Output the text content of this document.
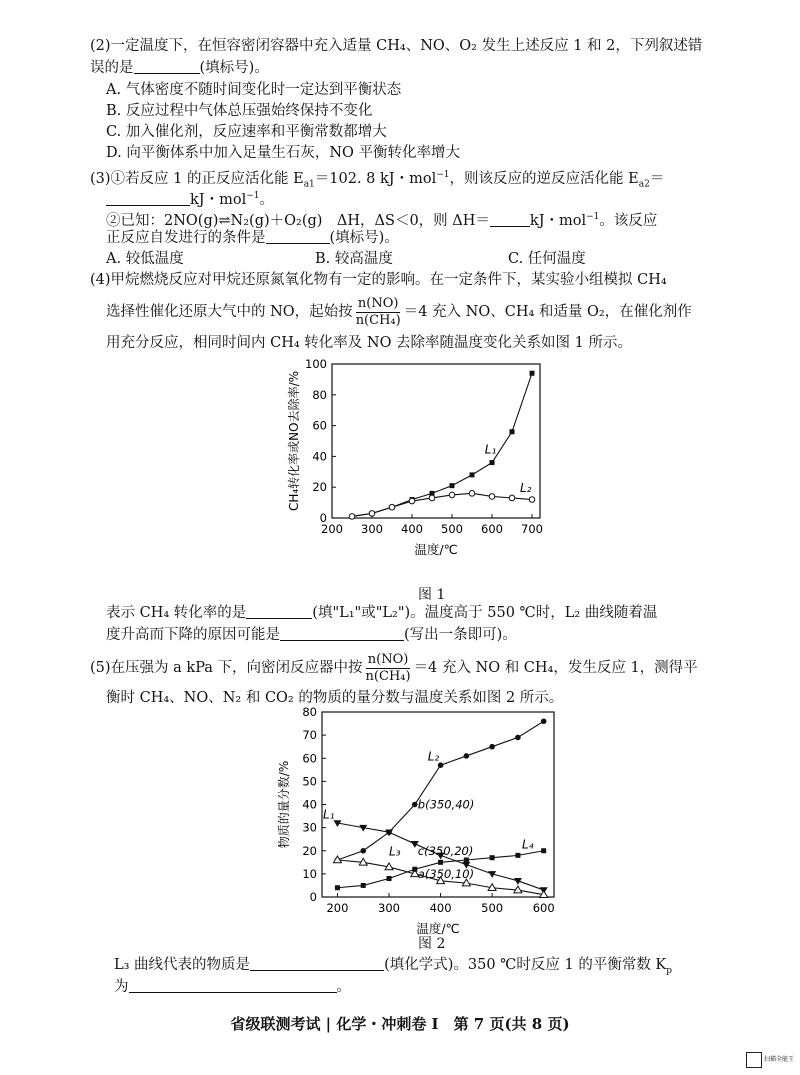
(2)一定温度下，在恒容密闭容器中充入适量 CH₄、NO、O₂ 发生上述反应 1 和 2，下列叙述错
误的是	(填标号)。
A. 气体密度不随时间变化时一定达到平衡状态
B. 反应过程中气体总压强始终保持不变化
C. 加入催化剂，反应速率和平衡常数都增大
D. 向平衡体系中加入足量生石灰，NO 平衡转化率增大
(3)①若反应 1 的正反应活化能 $E_{a1}=102$. 8 kJ・mol$^{-1}$，则该反应的逆反应活化能 $E_{a2}=$
kJ・mol$^{-1}$。
②已知：2NO(g)⇌N₂(g)＋O₂(g)　ΔH，ΔS＜0，则 ΔH＝	kJ・mol$^{-1}$。该反应
正反应自发进行的条件是	(填标号)。
A. 较低温度	B. 较高温度	C. 任何温度
(4)甲烷燃烧反应对甲烷还原氮氧化物有一定的影响。在一定条件下，某实验小组模拟 CH₄
选择性催化还原大气中的 NO，起始按 $\frac{n(NO)}{\text{n(CH₄)}} =4$ 充入 NO、CH₄ 和适量 O₂，在催化剂作
用充分反应，相同时间内 CH₄ 转化率及 NO 去除率随温度变化关系如图 1 所示。
200 300 400 500 600 700
0
20
40
60
80
100
温度/℃
CH₄转化率或NO去除率/%	L₁
L₂
图 1
表示 CH₄ 转化率的是	(填"L₁"或"L₂")。温度高于 550 ℃时，L₂ 曲线随着温
度升高而下降的原因可能是	(写出一条即可)。
(5)在压强为 a kPa 下，向密闭反应器中按 $\frac{n(NO)}{\text{n(CH₄)}} =4$ 充入 NO 和 CH₄，发生反应 1，测得平
衡时 CH₄、NO、N₂ 和 CO₂ 的物质的量分数与温度关系如图 2 所示。
200	300	400	500	600
0
10
20
30
40
50
60
70
80
温度/℃
物质的量分数/%	L₁
L₂
L₃	L₄
b(350,40)
c(350,20)
a(350,10)
图 2
L₃ 曲线代表的物质是	(填化学式)。350 ℃时反应 1 的平衡常数 $K_p$
为	。
省级联测考试 | 化学・冲刺卷 Ⅰ　第 7 页(共 8 页)
扫描全能王
